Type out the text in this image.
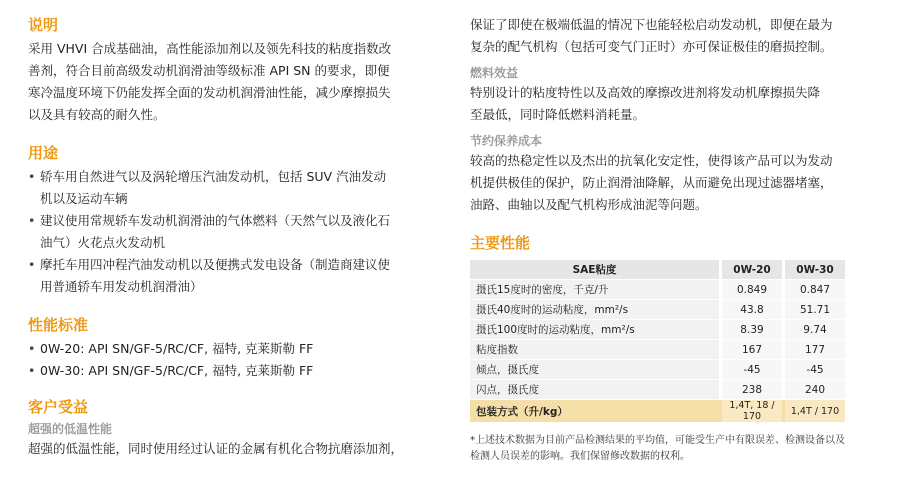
说明

采用 VHVI 合成基础油，高性能添加剂以及领先科技的粘度指数改

善剂，符合目前高级发动机润滑油等级标准 API SN 的要求，即便

寒冷温度环境下仍能发挥全面的发动机润滑油性能，减少摩擦损失

以及具有较高的耐久性。

用途
• 轿车用自然进气以及涡轮增压汽油发动机，包括 SUV 汽油发动
机以及运动车辆
• 建议使用常规轿车发动机润滑油的气体燃料（天然气以及液化石
油气）火花点火发动机
• 摩托车用四冲程汽油发动机以及便携式发电设备（制造商建议使
用普通轿车用发动机润滑油）
性能标准
• 0W-20: API SN/GF-5/RC/CF, 福特, 克莱斯勒 FF
• 0W-30: API SN/GF-5/RC/CF, 福特, 克莱斯勒 FF
客户受益
超强的低温性能

超强的低温性能，同时使用经过认证的金属有机化合物抗磨添加剂，

保证了即使在极端低温的情况下也能轻松启动发动机，即便在最为

复杂的配气机构（包括可变气门正时）亦可保证极佳的磨损控制。

燃料效益

特别设计的粘度特性以及高效的摩擦改进剂将发动机摩擦损失降

至最低，同时降低燃料消耗量。

节约保养成本

较高的热稳定性以及杰出的抗氧化安定性，使得该产品可以为发动

机提供极佳的保护，防止润滑油降解，从而避免出现过滤器堵塞，

油路、曲轴以及配气机构形成油泥等问题。

主要性能
SAE粘度		0W-20		0W-30
摄氏15度时的密度，千克/升		0.849		0.847
摄氏40度时的运动粘度，mm²/s		43.8		51.71
摄氏100度时的运动粘度，mm²/s		8.39		9.74
粘度指数		167		177
倾点，摄氏度		-45		-45
闪点，摄氏度		238		240
包装方式（升/kg）		1,4T, 18 / 170		1,4T / 170

*上述技术数据为目前产品检测结果的平均值，可能受生产中有限误差、检测设备以及

检测人员误差的影响。我们保留修改数据的权利。
